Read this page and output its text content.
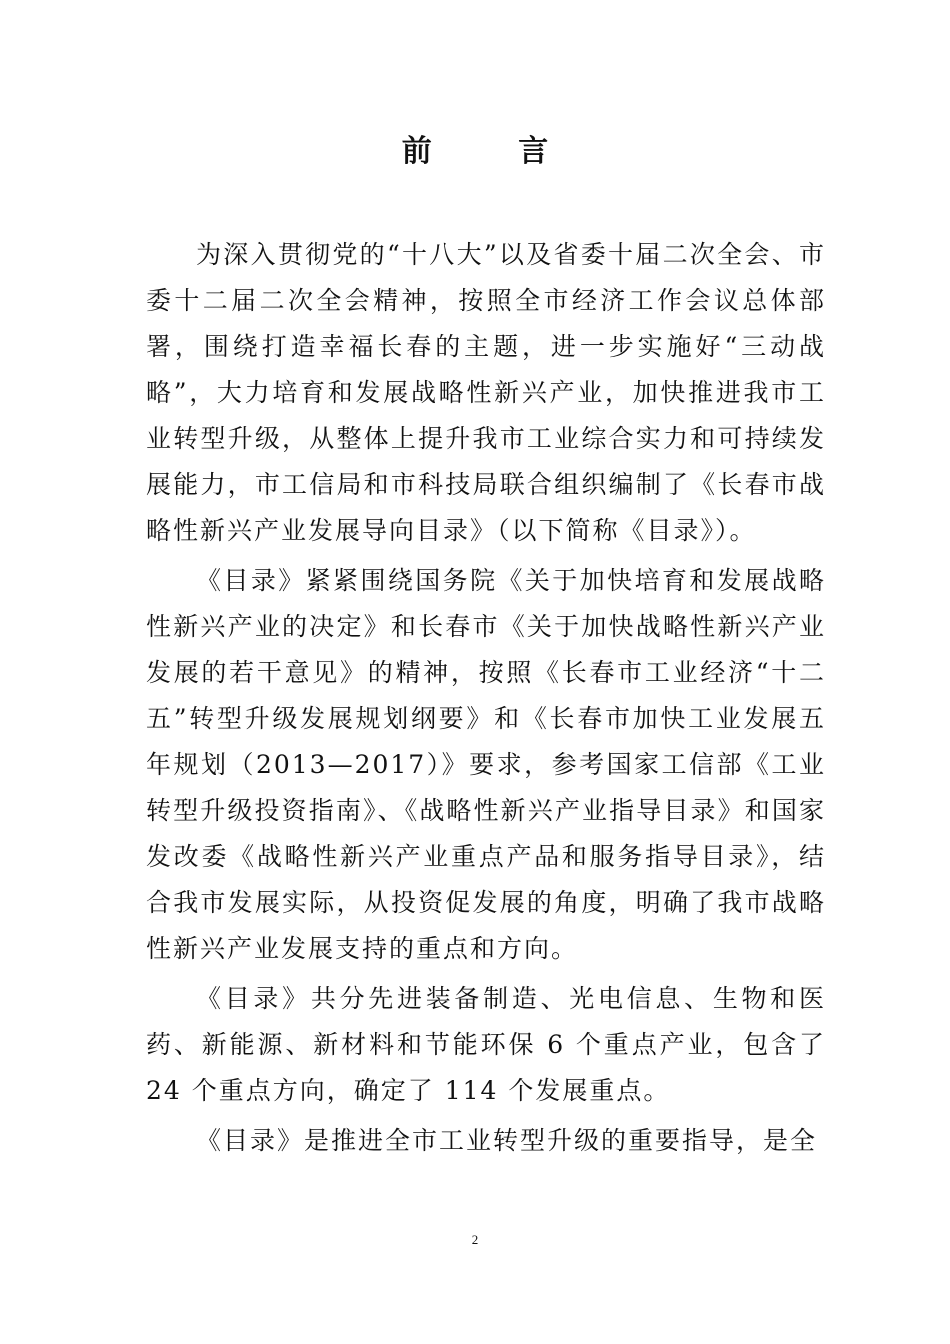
前 言

为深入贯彻党的“十八大”以及省委十届二次全会、市委十二届二次全会精神，按照全市经济工作会议总体部署，围绕打造幸福长春的主题，进一步实施好“三动战略”，大力培育和发展战略性新兴产业，加快推进我市工业转型升级，从整体上提升我市工业综合实力和可持续发展能力，市工信局和市科技局联合组织编制了《长春市战略性新兴产业发展导向目录》（以下简称《目录》）。

《目录》紧紧围绕国务院《关于加快培育和发展战略性新兴产业的决定》和长春市《关于加快战略性新兴产业发展的若干意见》的精神，按照《长春市工业经济“十二五”转型升级发展规划纲要》和《长春市加快工业发展五年规划（2013—2017）》要求，参考国家工信部《工业转型升级投资指南》、《战略性新兴产业指导目录》和国家发改委《战略性新兴产业重点产品和服务指导目录》，结合我市发展实际，从投资促发展的角度，明确了我市战略性新兴产业发展支持的重点和方向。

《目录》共分先进装备制造、光电信息、生物和医药、新能源、新材料和节能环保 6 个重点产业，包含了 24 个重点方向，确定了 114 个发展重点。

《目录》是推进全市工业转型升级的重要指导，是全

2
